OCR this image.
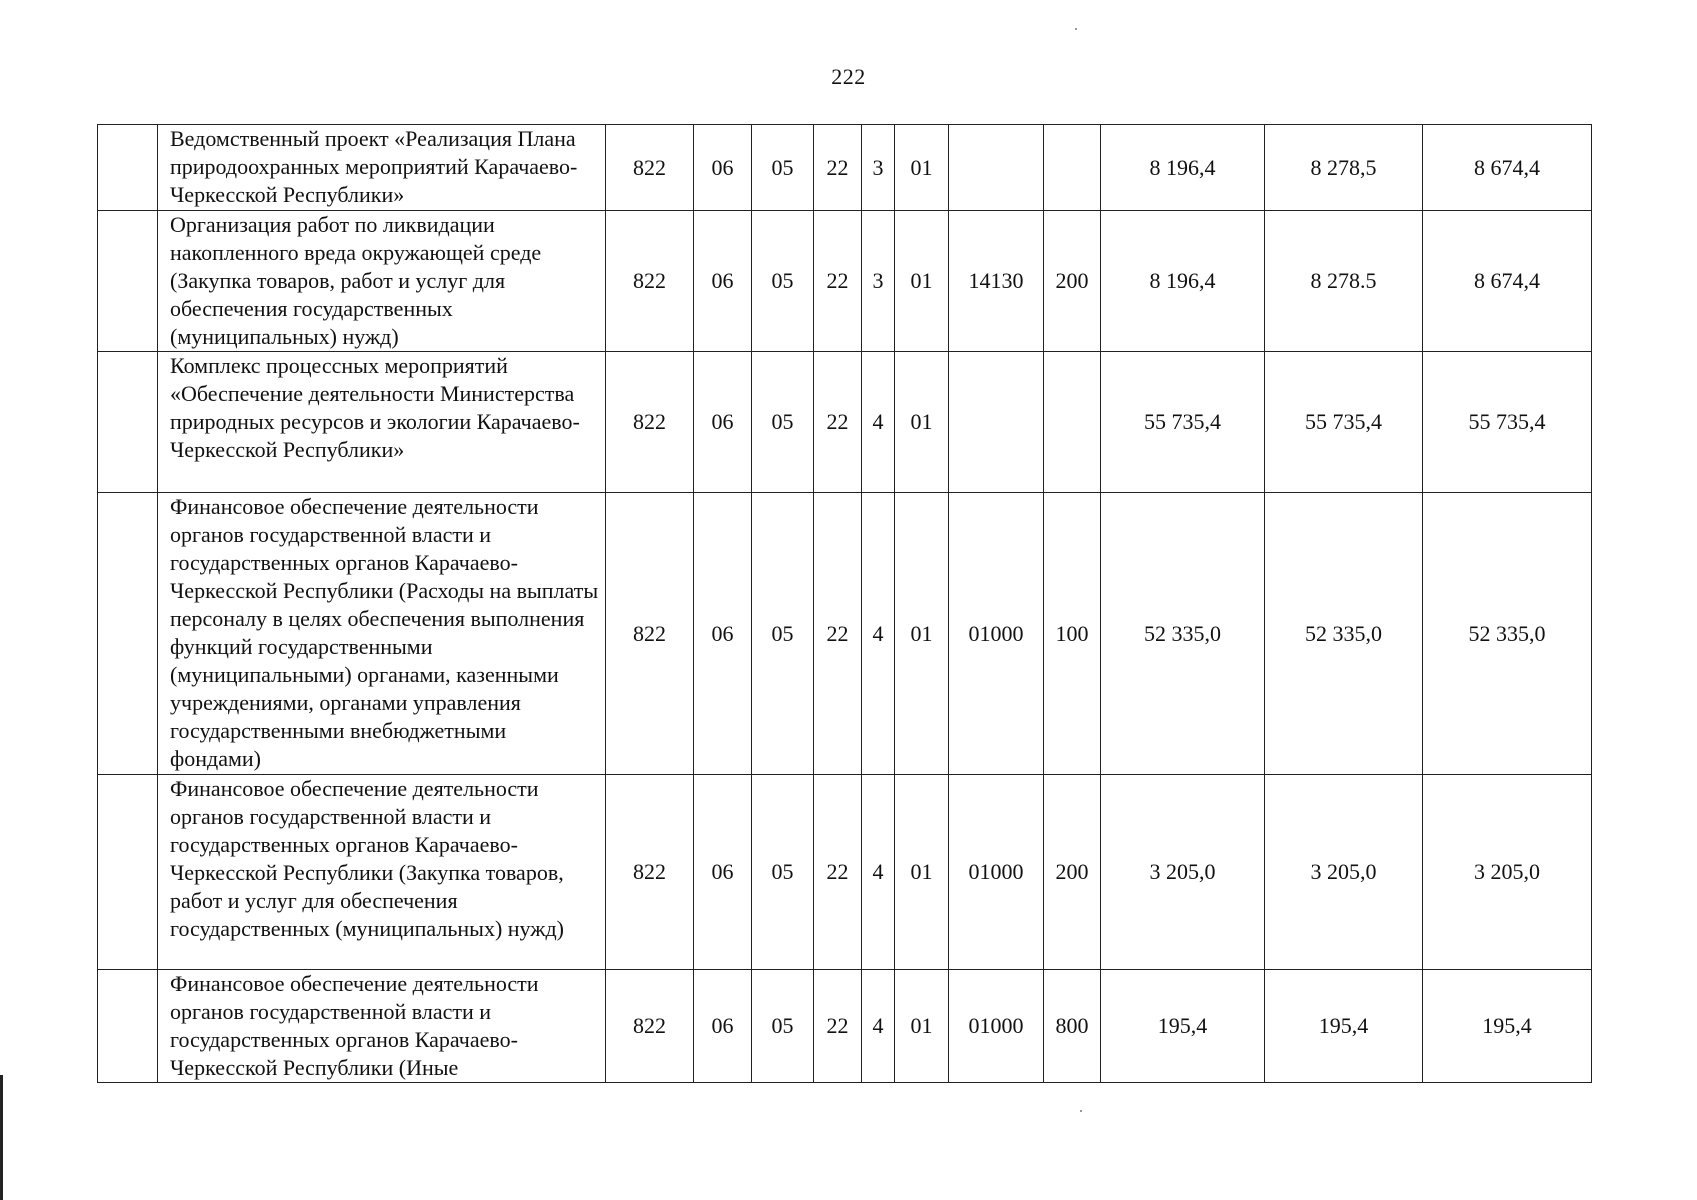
222
	Ведомственный проект «Реализация Плана природоохранных мероприятий Карачаево-Черкесской Республики»	822	06	05	22	3	01			8 196,4	8 278,5	8 674,4
	Организация работ по ликвидации накопленного вреда окружающей среде (Закупка товаров, работ и услуг для обеспечения государственных (муниципальных) нужд)	822	06	05	22	3	01	14130	200	8 196,4	8 278.5	8 674,4
	Комплекс процессных мероприятий «Обеспечение деятельности Министерства природных ресурсов и экологии Карачаево-Черкесской Республики»	822	06	05	22	4	01			55 735,4	55 735,4	55 735,4
	Финансовое обеспечение деятельности органов государственной власти и государственных органов Карачаево-Черкесской Республики (Расходы на выплаты персоналу в целях обеспечения выполнения функций государственными (муниципальными) органами, казенными учреждениями, органами управления государственными внебюджетными фондами)	822	06	05	22	4	01	01000	100	52 335,0	52 335,0	52 335,0
	Финансовое обеспечение деятельности органов государственной власти и государственных органов Карачаево-Черкесской Республики (Закупка товаров, работ и услуг для обеспечения государственных (муниципальных) нужд)	822	06	05	22	4	01	01000	200	3 205,0	3 205,0	3 205,0
	Финансовое обеспечение деятельности органов государственной власти и государственных органов Карачаево-Черкесской Республики (Иные	822	06	05	22	4	01	01000	800	195,4	195,4	195,4
